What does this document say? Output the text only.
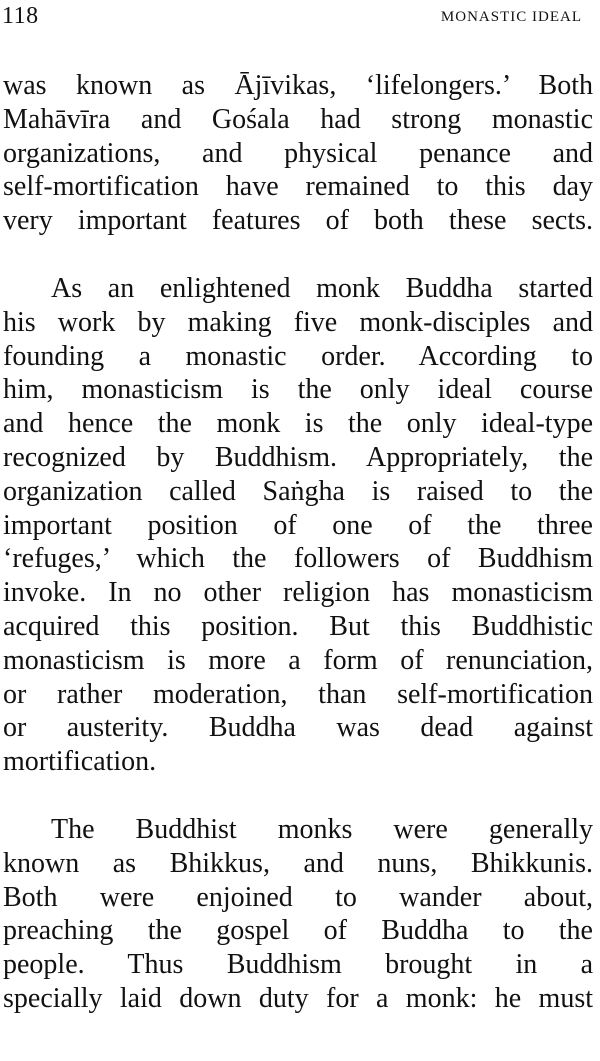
118	MONASTIC IDEAL

was known as Ājīvikas, ‘lifelongers.’ Both
Mahāvīra and Gośala had strong monastic
organizations, and physical penance and
self-mortification have remained to this day
very important features of both these sects.

As an enlightened monk Buddha started
his work by making five monk-disciples and
founding a monastic order. According to
him, monasticism is the only ideal course
and hence the monk is the only ideal-type
recognized by Buddhism. Appropriately, the
organization called Saṅgha is raised to the
important position of one of the three
‘refuges,’ which the followers of Buddhism
invoke. In no other religion has monasticism
acquired this position. But this Buddhistic
monasticism is more a form of renunciation,
or rather moderation, than self-mortification
or austerity. Buddha was dead against
mortification.

The Buddhist monks were generally
known as Bhikkus, and nuns, Bhikkunis.
Both were enjoined to wander about,
preaching the gospel of Buddha to the
people. Thus Buddhism brought in a
specially laid down duty for a monk: he must
